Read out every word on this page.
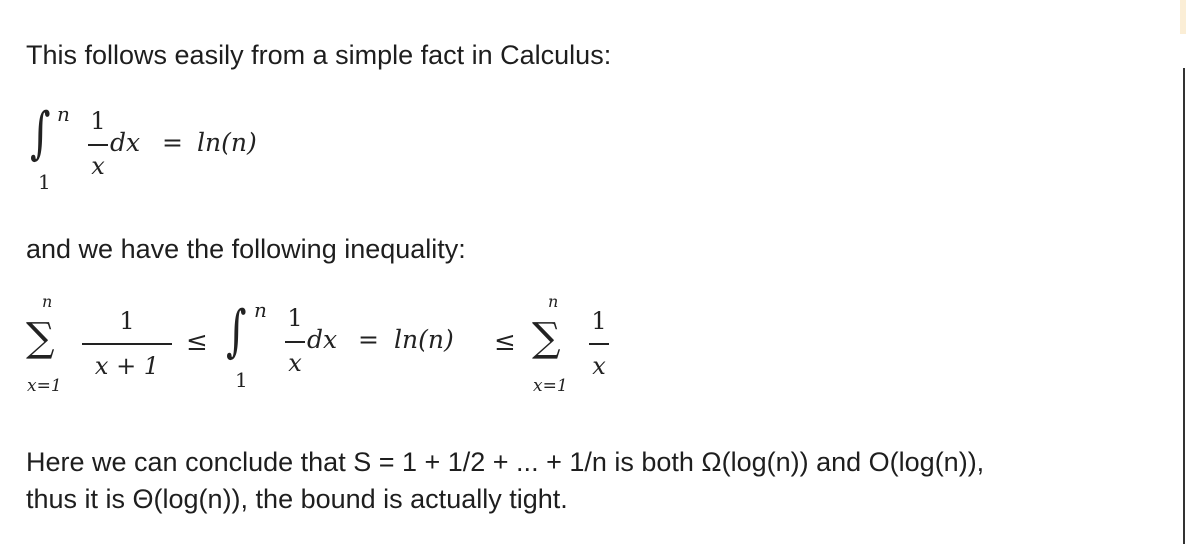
This follows easily from a simple fact in Calculus:
∫ n
1
1
x
dx = ln(n)
and we have the following inequality:
n
∑
x=1
1
x + 1
≤ ∫ n
1
1
x
dx = ln(n) ≤
n
∑
x=1
1
x
Here we can conclude that S = 1 + 1/2 + ... + 1/n is both Ω(log(n)) and O(log(n)),
thus it is Θ(log(n)), the bound is actually tight.
